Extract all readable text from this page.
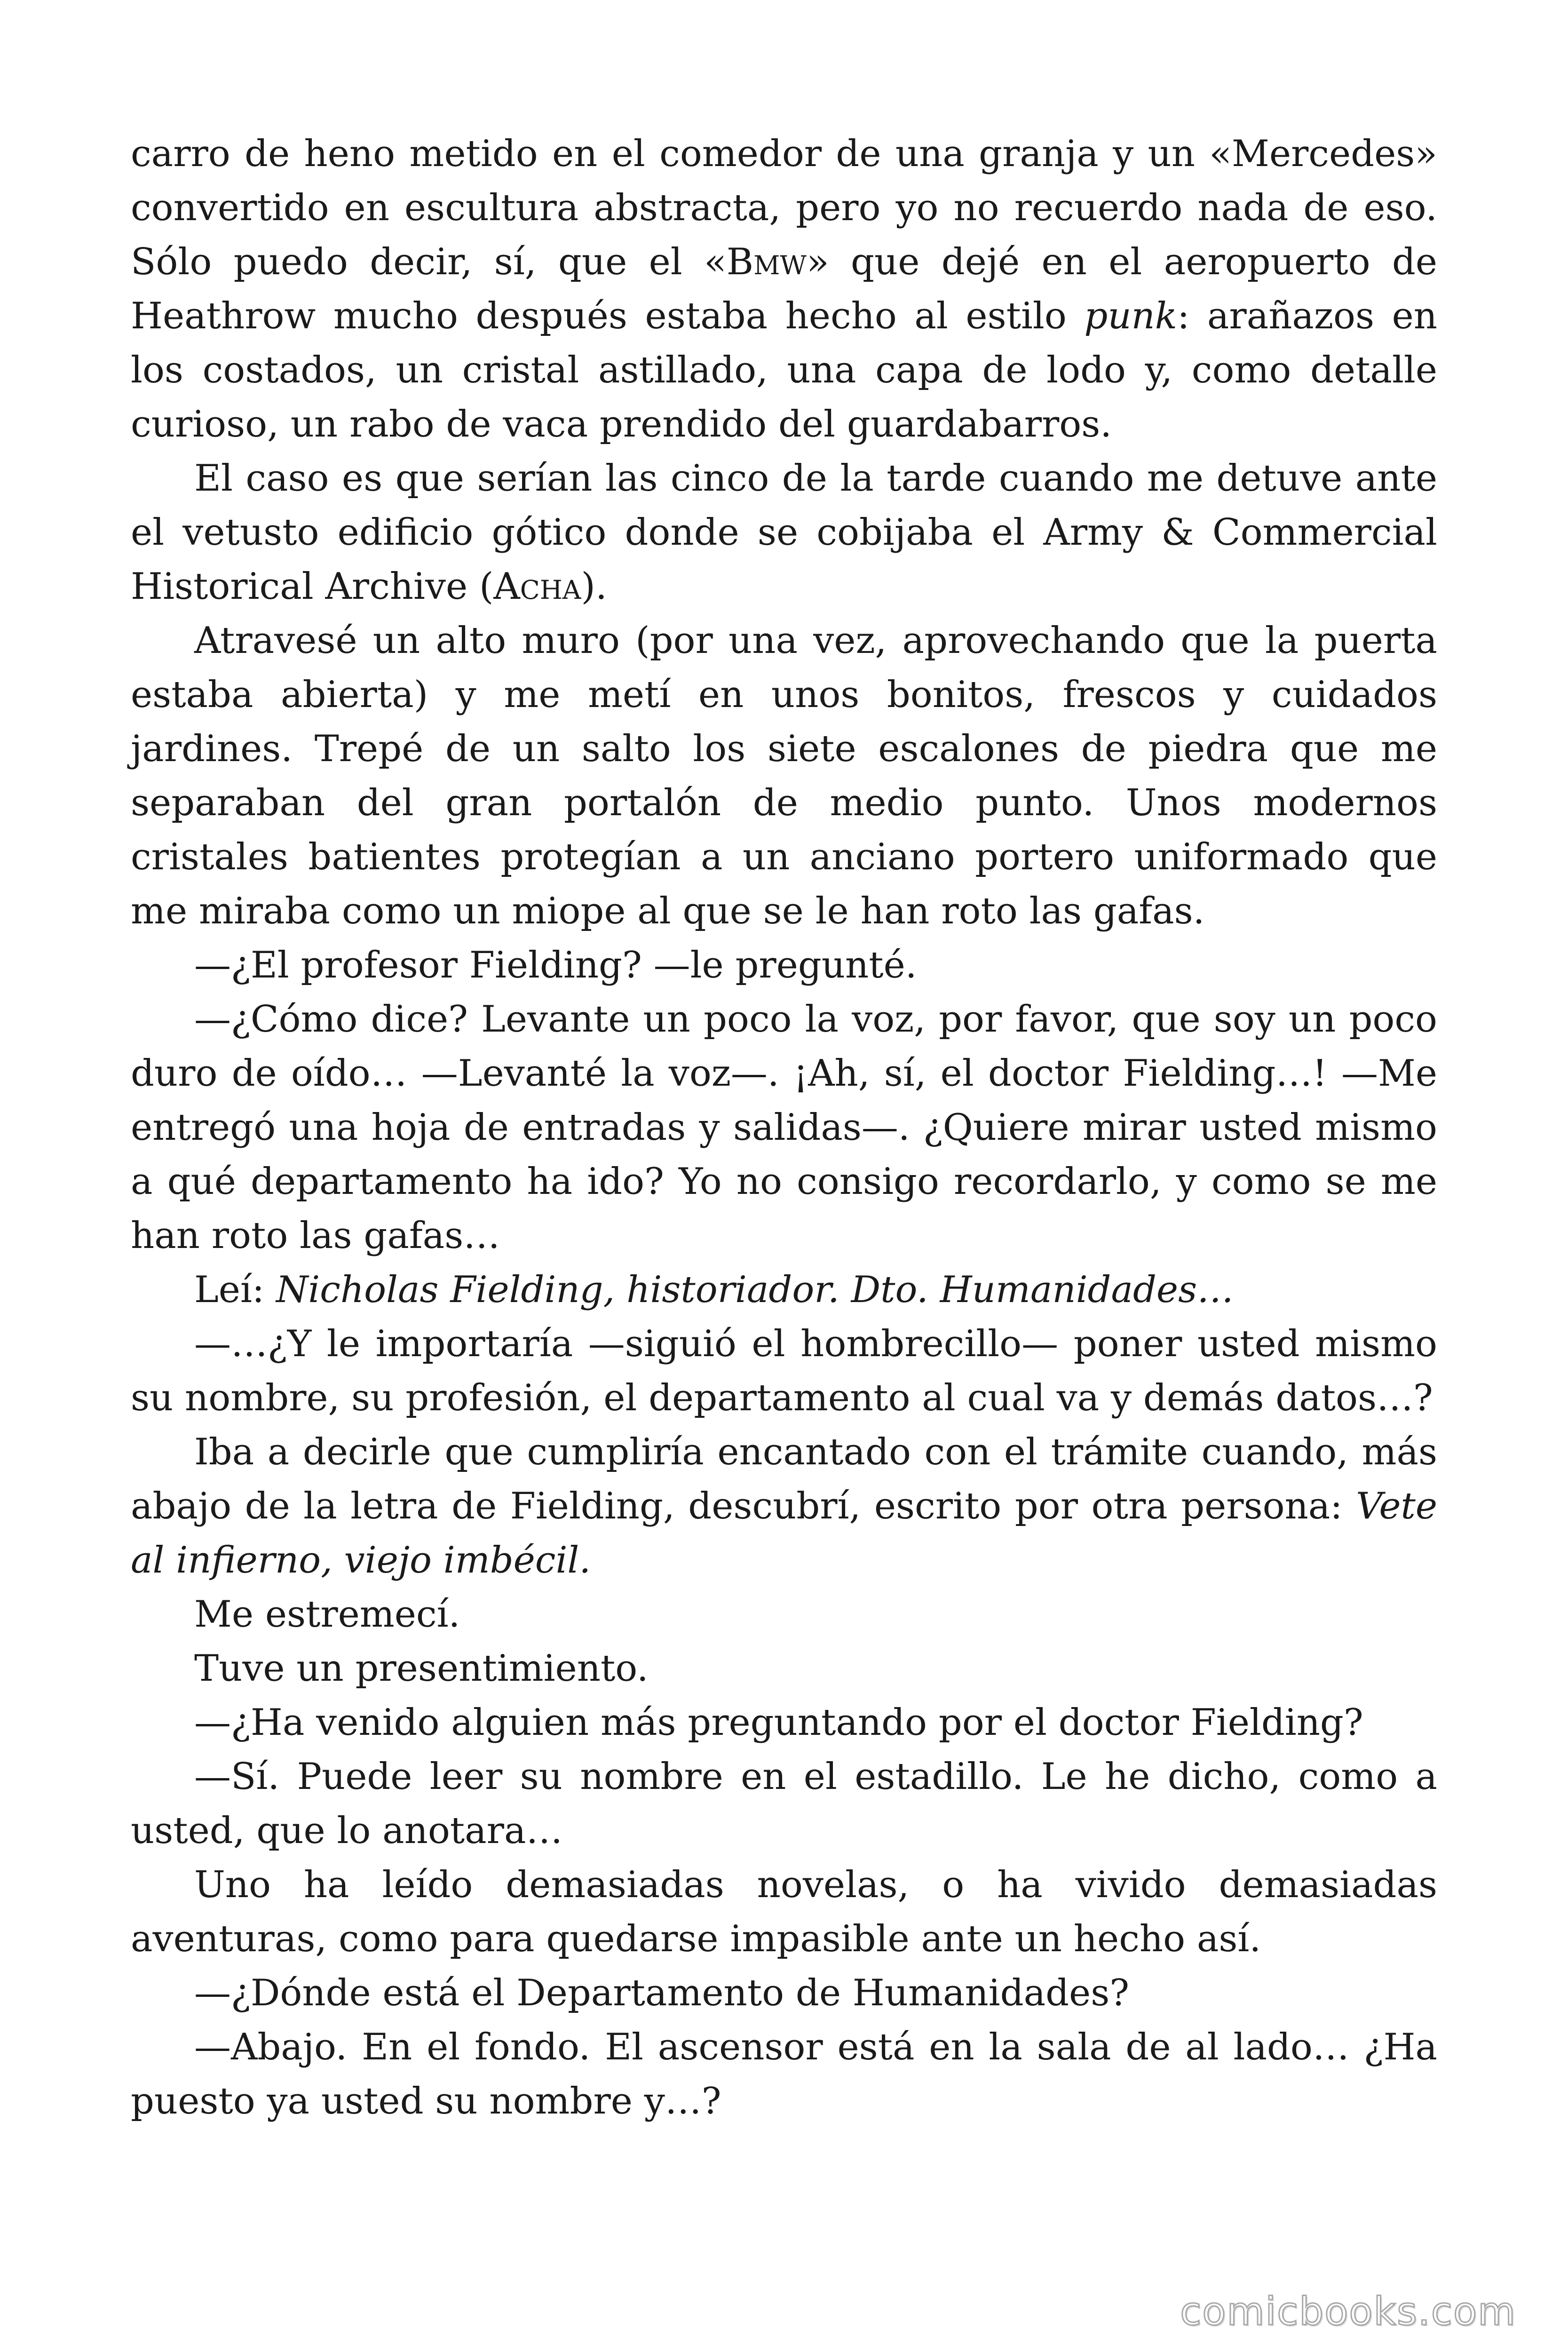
carro de heno metido en el comedor de una granja y un «Mercedes» convertido en escultura abstracta, pero yo no recuerdo nada de eso. Sólo puedo decir, sí, que el «Bmw» que dejé en el aeropuerto de Heathrow mucho después estaba hecho al estilo punk: arañazos en los costados, un cristal astillado, una capa de lodo y, como detalle curioso, un rabo de vaca prendido del guardabarros.

El caso es que serían las cinco de la tarde cuando me detuve ante el vetusto edificio gótico donde se cobijaba el Army & Commercial Historical Archive (Acha).

Atravesé un alto muro (por una vez, aprovechando que la puerta estaba abierta) y me metí en unos bonitos, frescos y cuidados jardines. Trepé de un salto los siete escalones de piedra que me separaban del gran portalón de medio punto. Unos modernos cristales batientes protegían a un anciano portero uniformado que me miraba como un miope al que se le han roto las gafas.

—¿El profesor Fielding? —le pregunté.

—¿Cómo dice? Levante un poco la voz, por favor, que soy un poco duro de oído… —Levanté la voz—. ¡Ah, sí, el doctor Fielding…! —Me entregó una hoja de entradas y salidas—. ¿Quiere mirar usted mismo a qué departamento ha ido? Yo no consigo recordarlo, y como se me han roto las gafas…

Leí: Nicholas Fielding, historiador. Dto. Humanidades…

—…¿Y le importaría —siguió el hombrecillo— poner usted mismo su nombre, su profesión, el departamento al cual va y demás datos…?

Iba a decirle que cumpliría encantado con el trámite cuando, más abajo de la letra de Fielding, descubrí, escrito por otra persona: Vete al infierno, viejo imbécil.

Me estremecí.

Tuve un presentimiento.

—¿Ha venido alguien más preguntando por el doctor Fielding?

—Sí. Puede leer su nombre en el estadillo. Le he dicho, como a usted, que lo anotara…

Uno ha leído demasiadas novelas, o ha vivido demasiadas aventuras, como para quedarse impasible ante un hecho así.

—¿Dónde está el Departamento de Humanidades?

—Abajo. En el fondo. El ascensor está en la sala de al lado… ¿Ha puesto ya usted su nombre y…?

comicbooks.com
